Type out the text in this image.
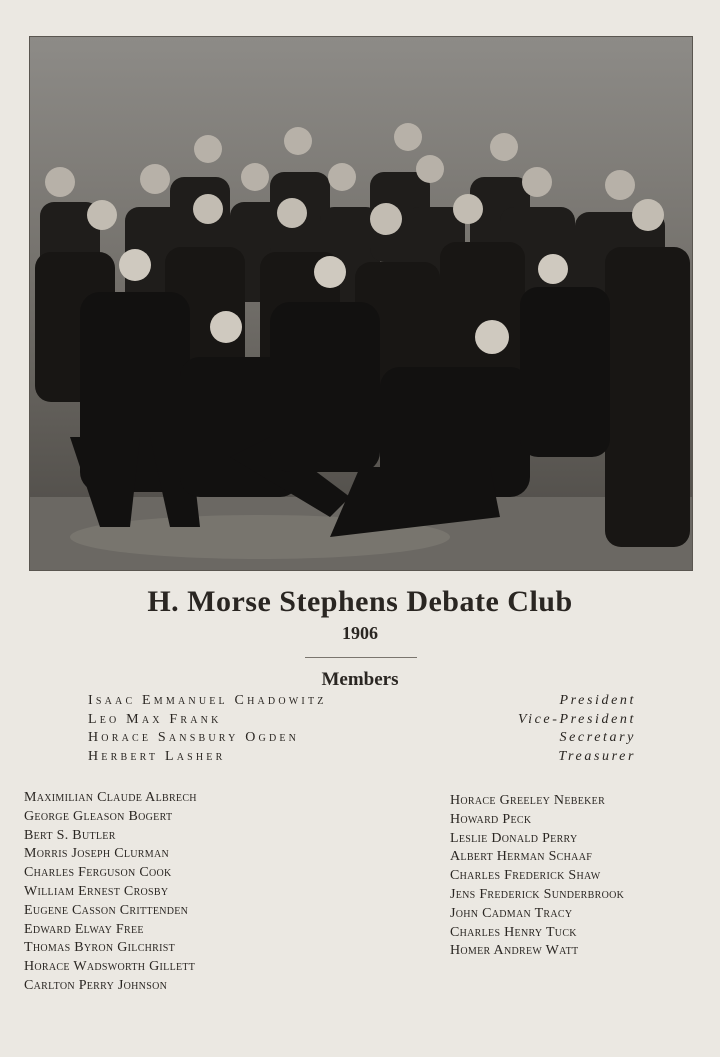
H. Morse Stephens Debate Club
1906
Members
Isaac Emmanuel Chadowitz	President
Leo Max Frank	Vice-President
Horace Sansbury Ogden	Secretary
Herbert Lasher	Treasurer
Maximilian Claude Albrech
George Gleason Bogert
Bert S. Butler
Morris Joseph Clurman
Charles Ferguson Cook
William Ernest Crosby
Eugene Casson Crittenden
Edward Elway Free
Thomas Byron Gilchrist
Horace Wadsworth Gillett
Carlton Perry Johnson
Horace Greeley Nebeker
Howard Peck
Leslie Donald Perry
Albert Herman Schaaf
Charles Frederick Shaw
Jens Frederick Sunderbrook
John Cadman Tracy
Charles Henry Tuck
Homer Andrew Watt
